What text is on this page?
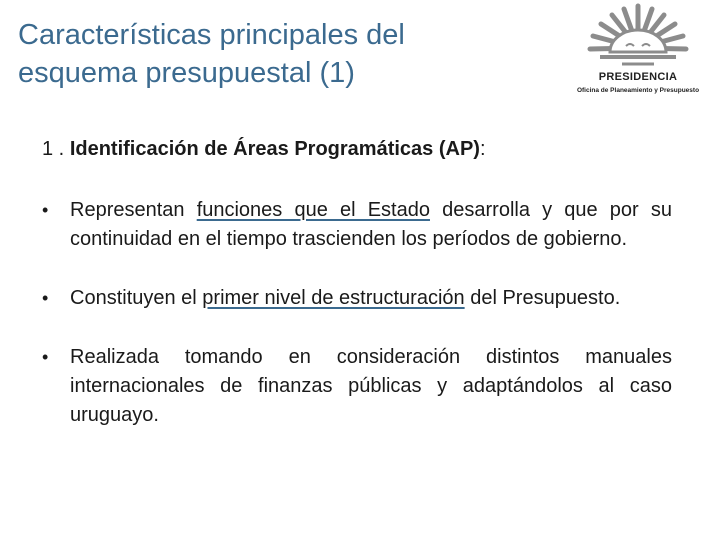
Características principales del
esquema presupuestal (1)	PRESIDENCIA
Oficina de Planeamiento y Presupuesto
1 . Identificación de Áreas Programáticas (AP):
• Representan funciones que el Estado desarrolla y que por su continuidad en el tiempo trascienden los períodos de gobierno.
• Constituyen el primer nivel de estructuración del Presupuesto.
• Realizada tomando en consideración distintos manuales internacionales de finanzas públicas y adaptándolos al caso uruguayo.
